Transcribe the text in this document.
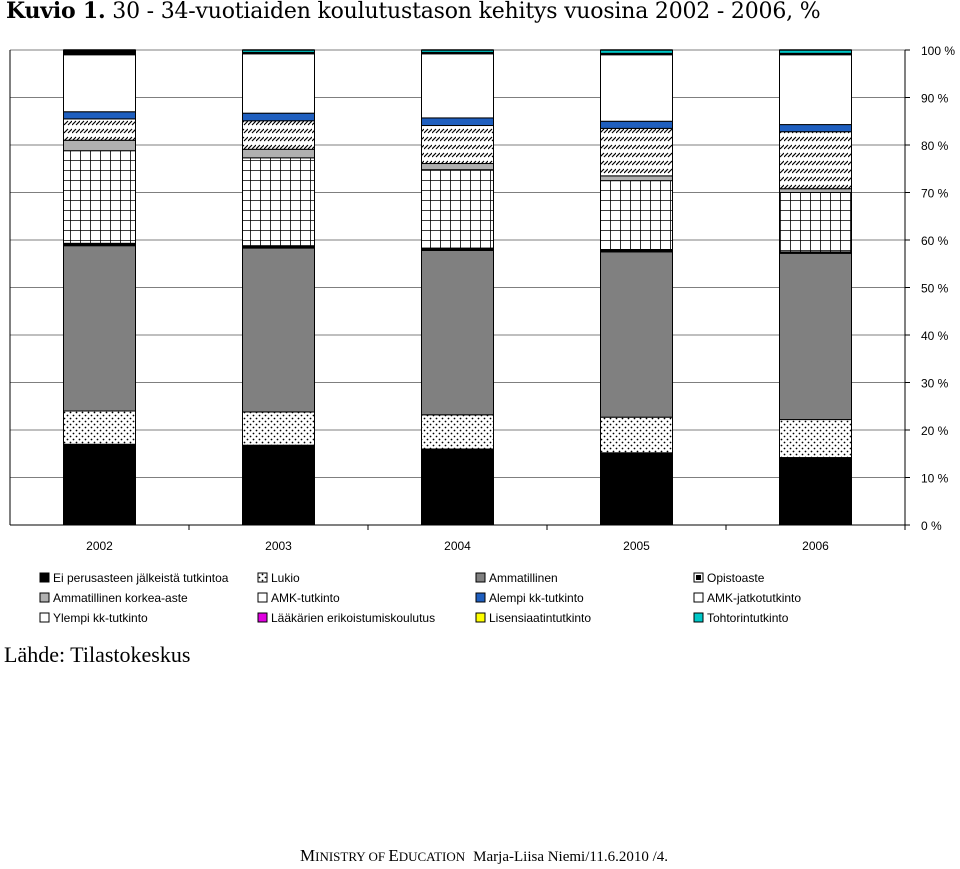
Kuvio 1. 30 - 34-vuotiaiden koulutustason kehitys vuosina 2002 - 2006, %
0 %
10 %
20 %
30 %
40 %
50 %
60 %
70 %
80 %
90 %
100 %
2002	2003	2004	2005	2006
Ei perusasteen jälkeistä tutkintoa	Lukio	Ammatillinen	Opistoaste
Ammatillinen korkea-aste	AMK-tutkinto	Alempi kk-tutkinto	AMK-jatkotutkinto
Ylempi kk-tutkinto	Lääkärien erikoistumiskoulutus	Lisensiaatintutkinto	Tohtorintutkinto
Lähde: Tilastokeskus
MINISTRY OF EDUCATION Marja-Liisa Niemi/11.6.2010 /4.
